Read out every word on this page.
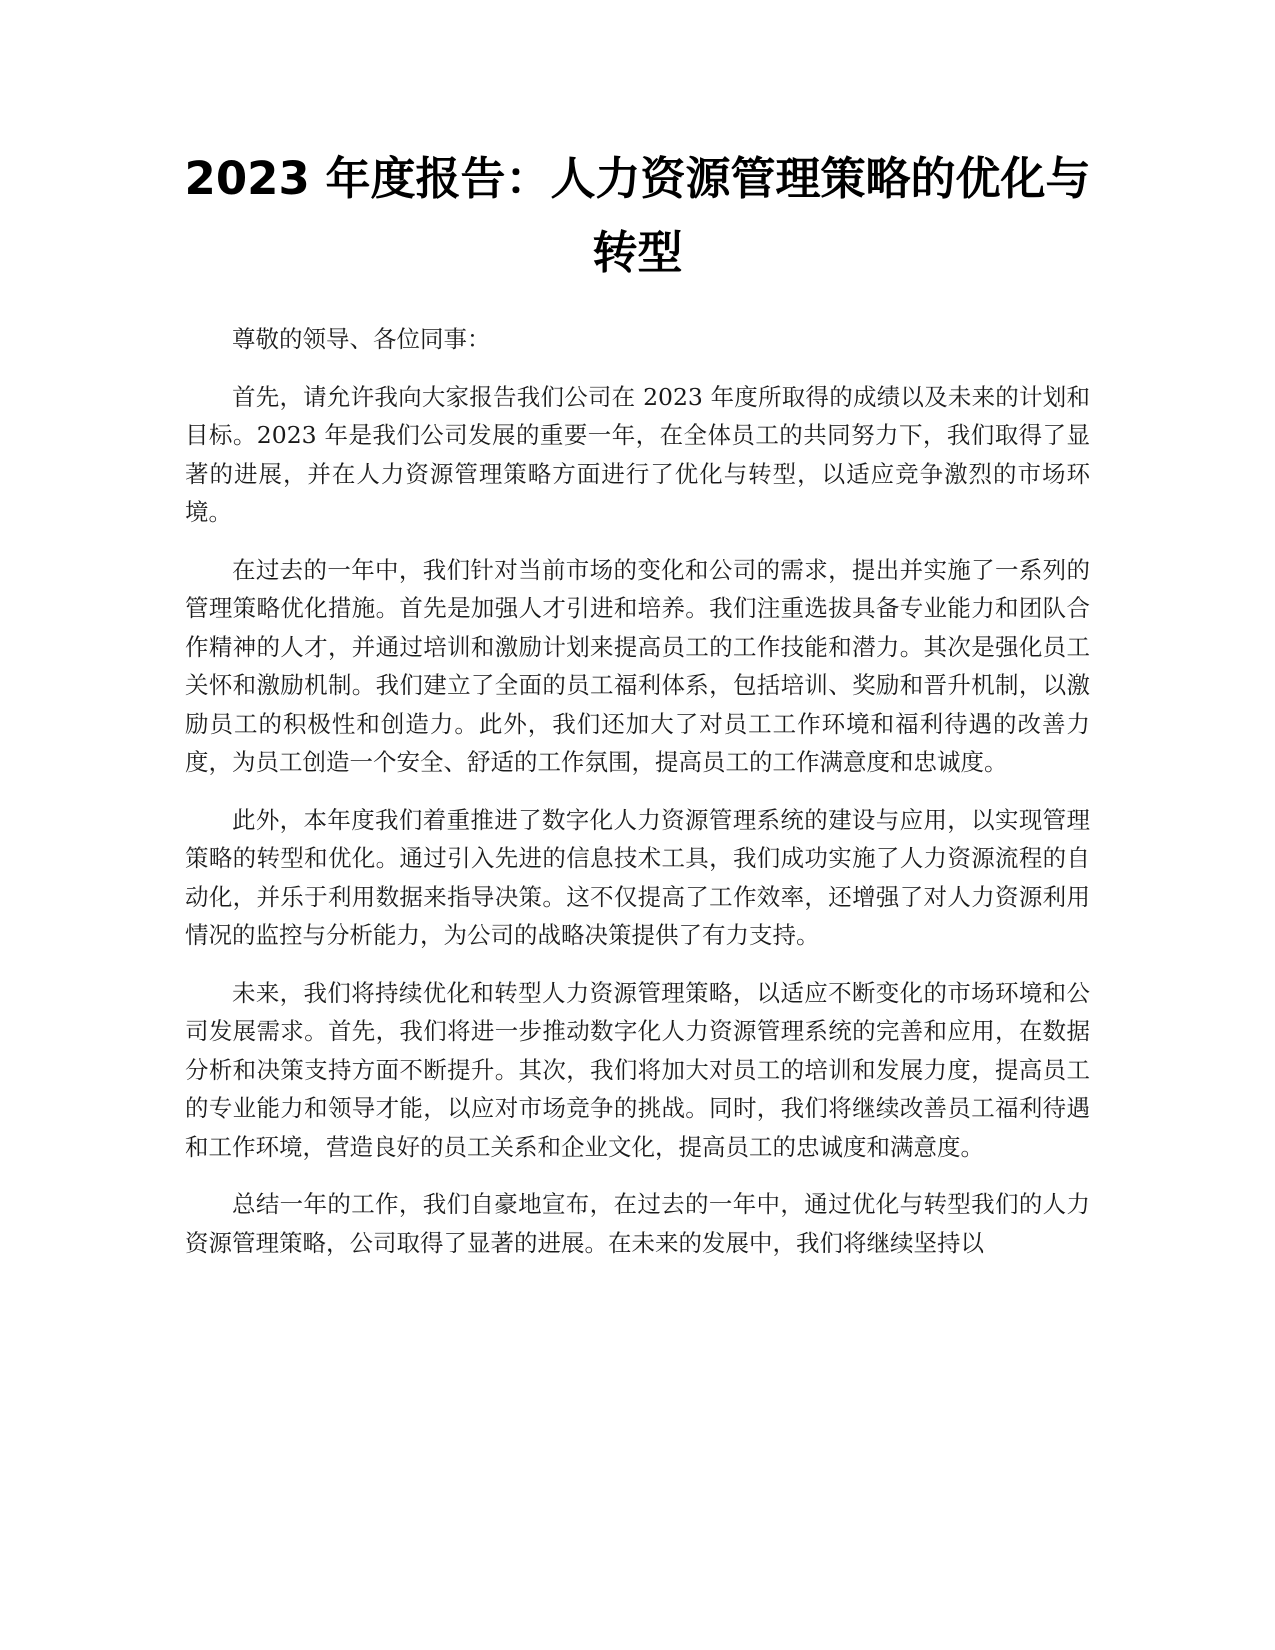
2023 年度报告：人力资源管理策略的优化与转型

尊敬的领导、各位同事：

首先，请允许我向大家报告我们公司在 2023 年度所取得的成绩以及未来的计划和目标。2023 年是我们公司发展的重要一年，在全体员工的共同努力下，我们取得了显著的进展，并在人力资源管理策略方面进行了优化与转型，以适应竞争激烈的市场环境。

在过去的一年中，我们针对当前市场的变化和公司的需求，提出并实施了一系列的管理策略优化措施。首先是加强人才引进和培养。我们注重选拔具备专业能力和团队合作精神的人才，并通过培训和激励计划来提高员工的工作技能和潜力。其次是强化员工关怀和激励机制。我们建立了全面的员工福利体系，包括培训、奖励和晋升机制，以激励员工的积极性和创造力。此外，我们还加大了对员工工作环境和福利待遇的改善力度，为员工创造一个安全、舒适的工作氛围，提高员工的工作满意度和忠诚度。

此外，本年度我们着重推进了数字化人力资源管理系统的建设与应用，以实现管理策略的转型和优化。通过引入先进的信息技术工具，我们成功实施了人力资源流程的自动化，并乐于利用数据来指导决策。这不仅提高了工作效率，还增强了对人力资源利用情况的监控与分析能力，为公司的战略决策提供了有力支持。

未来，我们将持续优化和转型人力资源管理策略，以适应不断变化的市场环境和公司发展需求。首先，我们将进一步推动数字化人力资源管理系统的完善和应用，在数据分析和决策支持方面不断提升。其次，我们将加大对员工的培训和发展力度，提高员工的专业能力和领导才能，以应对市场竞争的挑战。同时，我们将继续改善员工福利待遇和工作环境，营造良好的员工关系和企业文化，提高员工的忠诚度和满意度。

总结一年的工作，我们自豪地宣布，在过去的一年中，通过优化与转型我们的人力资源管理策略，公司取得了显著的进展。在未来的发展中，我们将继续坚持以
